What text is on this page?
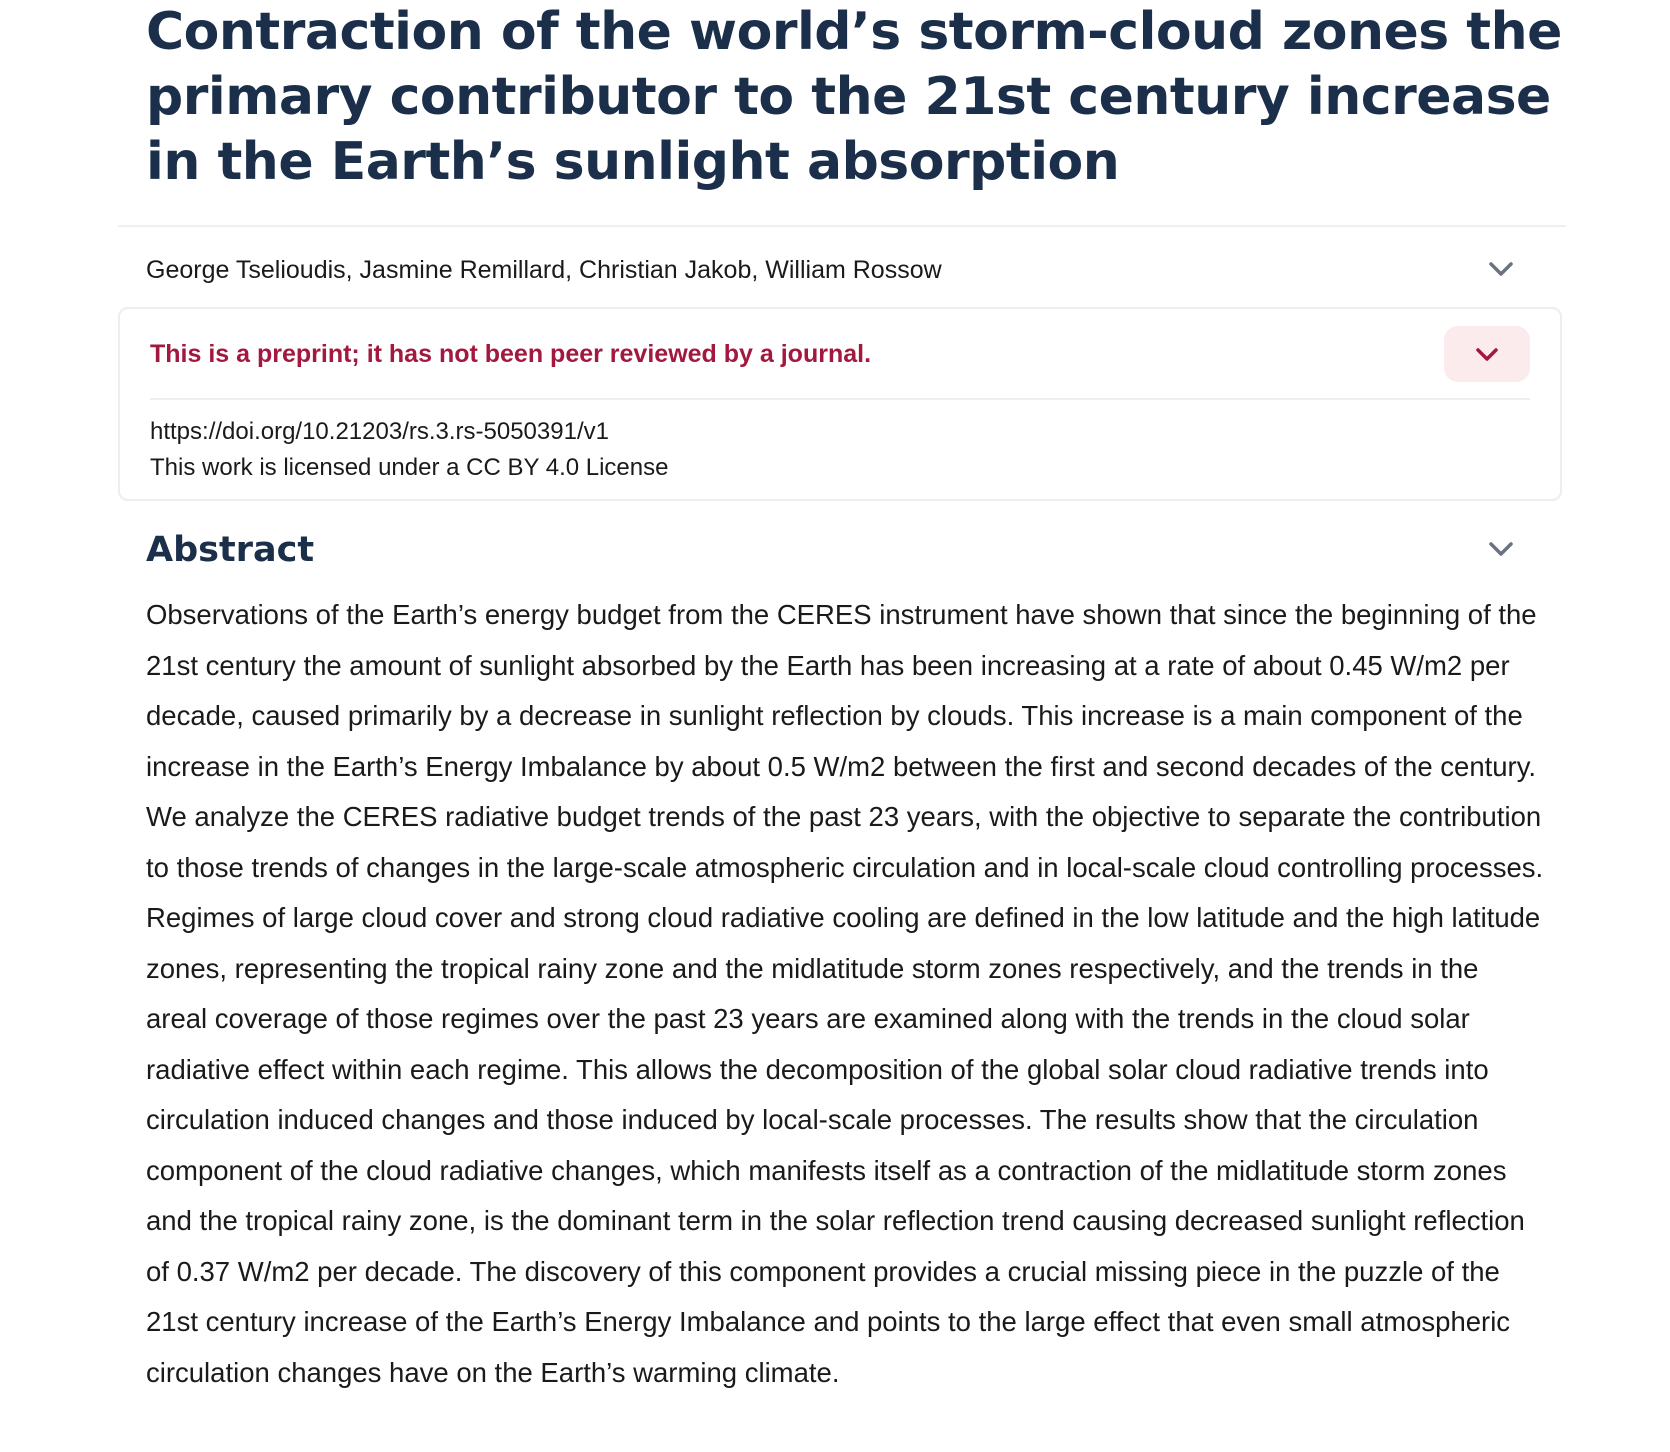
Contraction of the world’s storm-cloud zones the primary contributor to the 21st century increase in the Earth’s sunlight absorption
George Tselioudis, Jasmine Remillard, Christian Jakob, William Rossow
This is a preprint; it has not been peer reviewed by a journal.
https://doi.org/10.21203/rs.3.rs-5050391/v1
This work is licensed under a CC BY 4.0 License
Abstract

Observations of the Earth’s energy budget from the CERES instrument have shown that since the beginning of the 21st century the amount of sunlight absorbed by the Earth has been increasing at a rate of about 0.45 W/m2 per decade, caused primarily by a decrease in sunlight reflection by clouds. This increase is a main component of the increase in the Earth’s Energy Imbalance by about 0.5 W/m2 between the first and second decades of the century. We analyze the CERES radiative budget trends of the past 23 years, with the objective to separate the contribution to those trends of changes in the large-scale atmospheric circulation and in local-scale cloud controlling processes. Regimes of large cloud cover and strong cloud radiative cooling are defined in the low latitude and the high latitude zones, representing the tropical rainy zone and the midlatitude storm zones respectively, and the trends in the areal coverage of those regimes over the past 23 years are examined along with the trends in the cloud solar radiative effect within each regime. This allows the decomposition of the global solar cloud radiative trends into circulation induced changes and those induced by local-scale processes. The results show that the circulation component of the cloud radiative changes, which manifests itself as a contraction of the midlatitude storm zones and the tropical rainy zone, is the dominant term in the solar reflection trend causing decreased sunlight reflection of 0.37 W/m2 per decade. The discovery of this component provides a crucial missing piece in the puzzle of the 21st century increase of the Earth’s Energy Imbalance and points to the large effect that even small atmospheric circulation changes have on the Earth’s warming climate.
